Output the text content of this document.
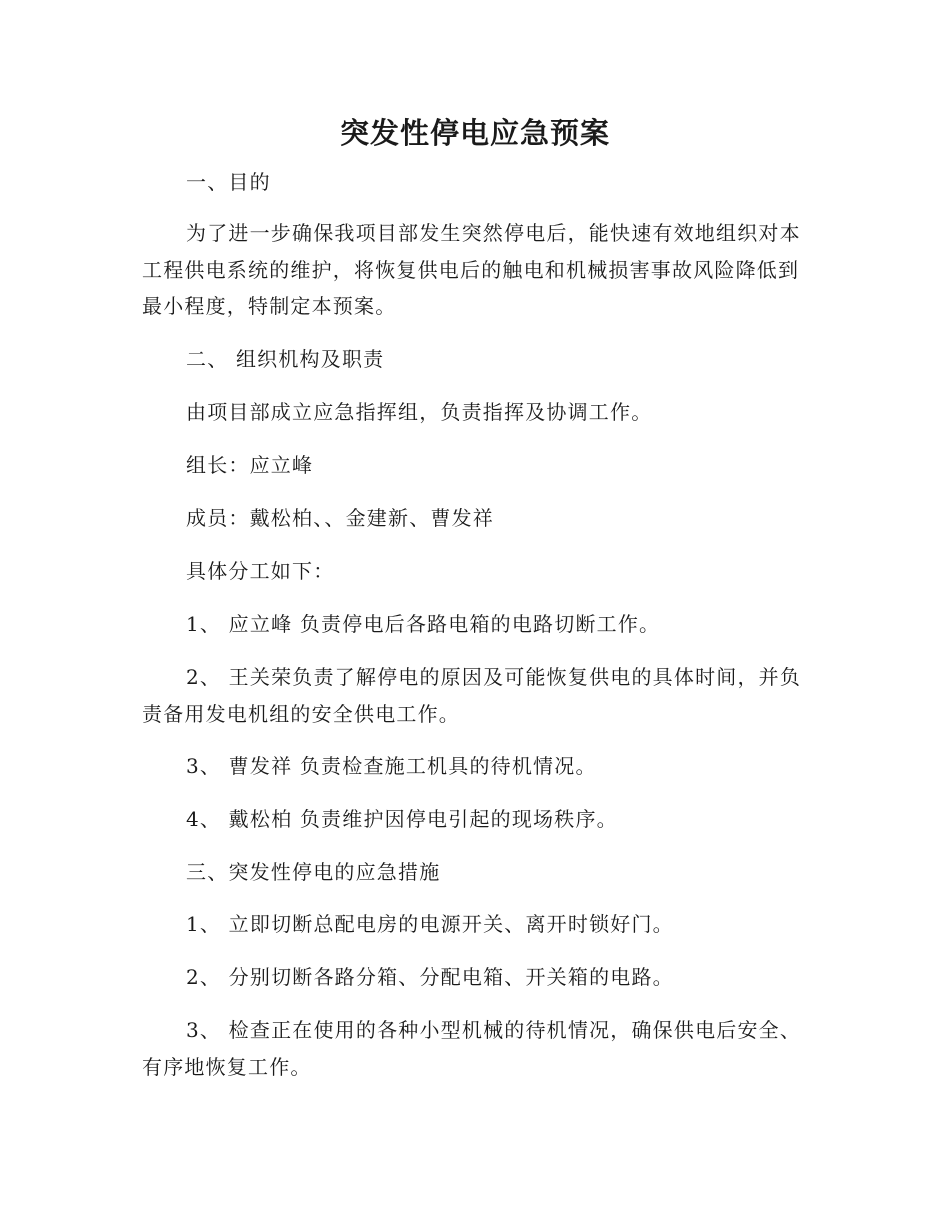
突发性停电应急预案

一、目的

为了进一步确保我项目部发生突然停电后，能快速有效地组织对本工程供电系统的维护，将恢复供电后的触电和机械损害事故风险降低到最小程度，特制定本预案。

二、 组织机构及职责

由项目部成立应急指挥组，负责指挥及协调工作。

组长：应立峰

成员：戴松柏、、金建新、曹发祥

具体分工如下：

1、 应立峰 负责停电后各路电箱的电路切断工作。

2、 王关荣负责了解停电的原因及可能恢复供电的具体时间，并负责备用发电机组的安全供电工作。

3、 曹发祥 负责检查施工机具的待机情况。

4、 戴松柏 负责维护因停电引起的现场秩序。

三、突发性停电的应急措施

1、 立即切断总配电房的电源开关、离开时锁好门。

2、 分别切断各路分箱、分配电箱、开关箱的电路。

3、 检查正在使用的各种小型机械的待机情况，确保供电后安全、有序地恢复工作。
